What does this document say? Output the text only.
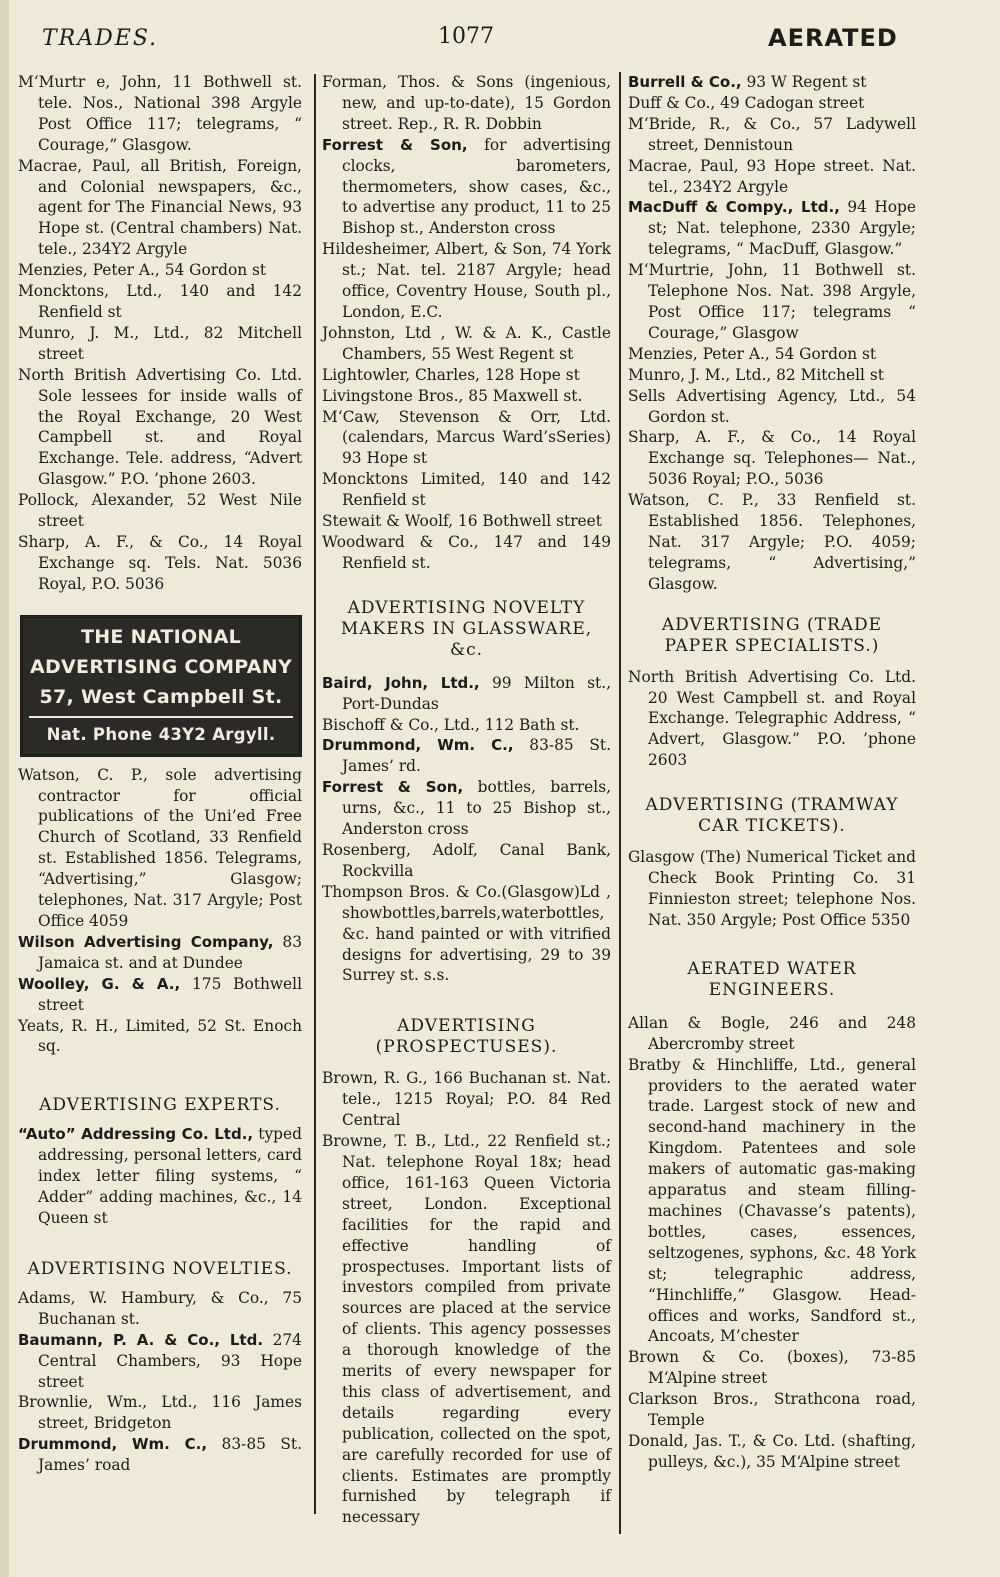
TRADES.	1077	AERATED
M‘Murtr e, John, 11 Bothwell st. tele. Nos., National 398 Argyle Post Office 117; telegrams, “ Courage,” Glasgow.
Macrae, Paul, all British, Foreign, and Colonial newspapers, &c., agent for The Financial News, 93 Hope st. (Central chambers) Nat. tele., 234Y2 Argyle
Menzies, Peter A., 54 Gordon st
Moncktons, Ltd., 140 and 142 Renfield st
Munro, J. M., Ltd., 82 Mitchell street
North British Advertising Co. Ltd. Sole lessees for inside walls of the Royal Exchange, 20 West Campbell st. and Royal Exchange. Tele. address, “Advert Glasgow.” P.O. ’phone 2603.
Pollock, Alexander, 52 West Nile street
Sharp, A. F., & Co., 14 Royal Exchange sq. Tels. Nat. 5036 Royal, P.O. 5036
THE NATIONAL
ADVERTISING COMPANY
57, West Campbell St.
Nat. Phone 43Y2 Argyll.
Watson, C. P., sole advertising contractor for official publications of the Uni’ed Free Church of Scotland, 33 Renfield st. Established 1856. Telegrams, “Advertising,” Glasgow; telephones, Nat. 317 Argyle; Post Office 4059
Wilson Advertising Company, 83 Jamaica st. and at Dundee
Woolley, G. & A., 175 Bothwell street
Yeats, R. H., Limited, 52 St. Enoch sq.
ADVERTISING EXPERTS.
“Auto” Addressing Co. Ltd., typed addressing, personal letters, card index letter filing systems, “ Adder” adding machines, &c., 14 Queen st
ADVERTISING NOVELTIES.
Adams, W. Hambury, & Co., 75 Buchanan st.
Baumann, P. A. & Co., Ltd. 274 Central Chambers, 93 Hope street
Brownlie, Wm., Ltd., 116 James street, Bridgeton
Drummond, Wm. C., 83-85 St. James’ road
Forman, Thos. & Sons (ingenious, new, and up-to-date), 15 Gordon street. Rep., R. R. Dobbin
Forrest & Son, for advertising clocks, barometers, thermometers, show cases, &c., to advertise any product, 11 to 25 Bishop st., Anderston cross
Hildesheimer, Albert, & Son, 74 York st.; Nat. tel. 2187 Argyle; head office, Coventry House, South pl., London, E.C.
Johnston, Ltd , W. & A. K., Castle Chambers, 55 West Regent st
Lightowler, Charles, 128 Hope st
Livingstone Bros., 85 Maxwell st.
M‘Caw, Stevenson & Orr, Ltd. (calendars, Marcus Ward’sSeries) 93 Hope st
Moncktons Limited, 140 and 142 Renfield st
Stewait & Woolf, 16 Bothwell street
Woodward & Co., 147 and 149 Renfield st.
ADVERTISING NOVELTY MAKERS IN GLASSWARE, &c.
Baird, John, Ltd., 99 Milton st., Port-Dundas
Bischoff & Co., Ltd., 112 Bath st.
Drummond, Wm. C., 83-85 St. James’ rd.
Forrest & Son, bottles, barrels, urns, &c., 11 to 25 Bishop st., Anderston cross
Rosenberg, Adolf, Canal Bank, Rockvilla
Thompson Bros. & Co.(Glasgow)Ld , showbottles,barrels,waterbottles, &c. hand painted or with vitrified designs for advertising, 29 to 39 Surrey st. s.s.
ADVERTISING (PROSPECTUSES).
Brown, R. G., 166 Buchanan st. Nat. tele., 1215 Royal; P.O. 84 Red Central
Browne, T. B., Ltd., 22 Renfield st.; Nat. telephone Royal 18x; head office, 161-163 Queen Victoria street, London. Exceptional facilities for the rapid and effective handling of prospectuses. Important lists of investors compiled from private sources are placed at the service of clients. This agency possesses a thorough knowledge of the merits of every newspaper for this class of advertisement, and details regarding every publication, collected on the spot, are carefully recorded for use of clients. Estimates are promptly furnished by telegraph if necessary
Burrell & Co., 93 W Regent st
Duff & Co., 49 Cadogan street
M‘Bride, R., & Co., 57 Ladywell street, Dennistoun
Macrae, Paul, 93 Hope street. Nat. tel., 234Y2 Argyle
MacDuff & Compy., Ltd., 94 Hope st; Nat. telephone, 2330 Argyle; telegrams, “ MacDuff, Glasgow.”
M‘Murtrie, John, 11 Bothwell st. Telephone Nos. Nat. 398 Argyle, Post Office 117; telegrams “ Courage,” Glasgow
Menzies, Peter A., 54 Gordon st
Munro, J. M., Ltd., 82 Mitchell st
Sells Advertising Agency, Ltd., 54 Gordon st.
Sharp, A. F., & Co., 14 Royal Exchange sq. Telephones— Nat., 5036 Royal; P.O., 5036
Watson, C. P., 33 Renfield st. Established 1856. Telephones, Nat. 317 Argyle; P.O. 4059; telegrams, “ Advertising,” Glasgow.
ADVERTISING (TRADE PAPER SPECIALISTS.)
North British Advertising Co. Ltd. 20 West Campbell st. and Royal Exchange. Telegraphic Address, “ Advert, Glasgow.” P.O. ’phone 2603
ADVERTISING (TRAMWAY CAR TICKETS).
Glasgow (The) Numerical Ticket and Check Book Printing Co. 31 Finnieston street; telephone Nos. Nat. 350 Argyle; Post Office 5350
AERATED WATER ENGINEERS.
Allan & Bogle, 246 and 248 Abercromby street
Bratby & Hinchliffe, Ltd., general providers to the aerated water trade. Largest stock of new and second-hand machinery in the Kingdom. Patentees and sole makers of automatic gas-making apparatus and steam filling-machines (Chavasse’s patents), bottles, cases, essences, seltzogenes, syphons, &c. 48 York st; telegraphic address, “Hinchliffe,” Glasgow. Head-offices and works, Sandford st., Ancoats, M’chester
Brown & Co. (boxes), 73-85 M‘Alpine street
Clarkson Bros., Strathcona road, Temple
Donald, Jas. T., & Co. Ltd. (shafting, pulleys, &c.), 35 M‘Alpine street
